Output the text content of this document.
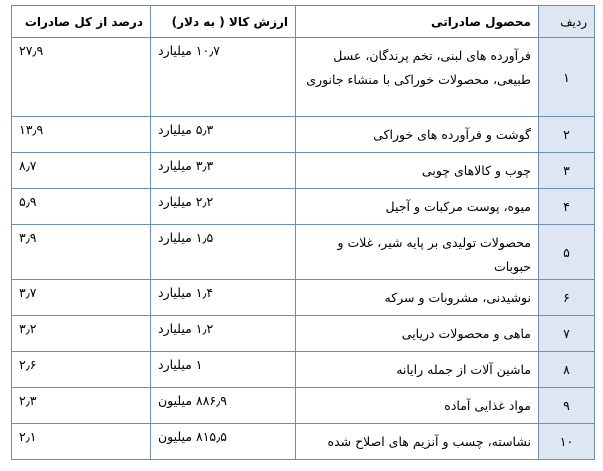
ردیف	محصول صادراتی	ارزش کالا ( به دلار)	درصد از کل صادرات
۱	فرآورده های لبنی، تخم پرندگان، عسل طبیعی، محصولات خوراکی با منشاء جانوری	۱۰٫۷ میلیارد	۲۷٫۹
۲	گوشت و فرآورده های خوراکی	۵٫۳ میلیارد	۱۳٫۹
۳	چوب و کالاهای چوبی	۳٫۳ میلیارد	۸٫۷
۴	میوه، پوست مرکبات و آجیل	۲٫۲ میلیارد	۵٫۹
۵	محصولات تولیدی بر پایه شیر، غلات و حبوبات	۱٫۵ میلیارد	۳٫۹
۶	نوشیدنی، مشروبات و سرکه	۱٫۴ میلیارد	۳٫۷
۷	ماهی و محصولات دریایی	۱٫۲ میلیارد	۳٫۲
۸	ماشین آلات از جمله رایانه	۱ میلیارد	۲٫۶
۹	مواد غذایی آماده	۸۸۶٫۹ میلیون	۲٫۳
۱۰	نشاسته، چسب و آنزیم های اصلاح شده	۸۱۵٫۵ میلیون	۲٫۱
